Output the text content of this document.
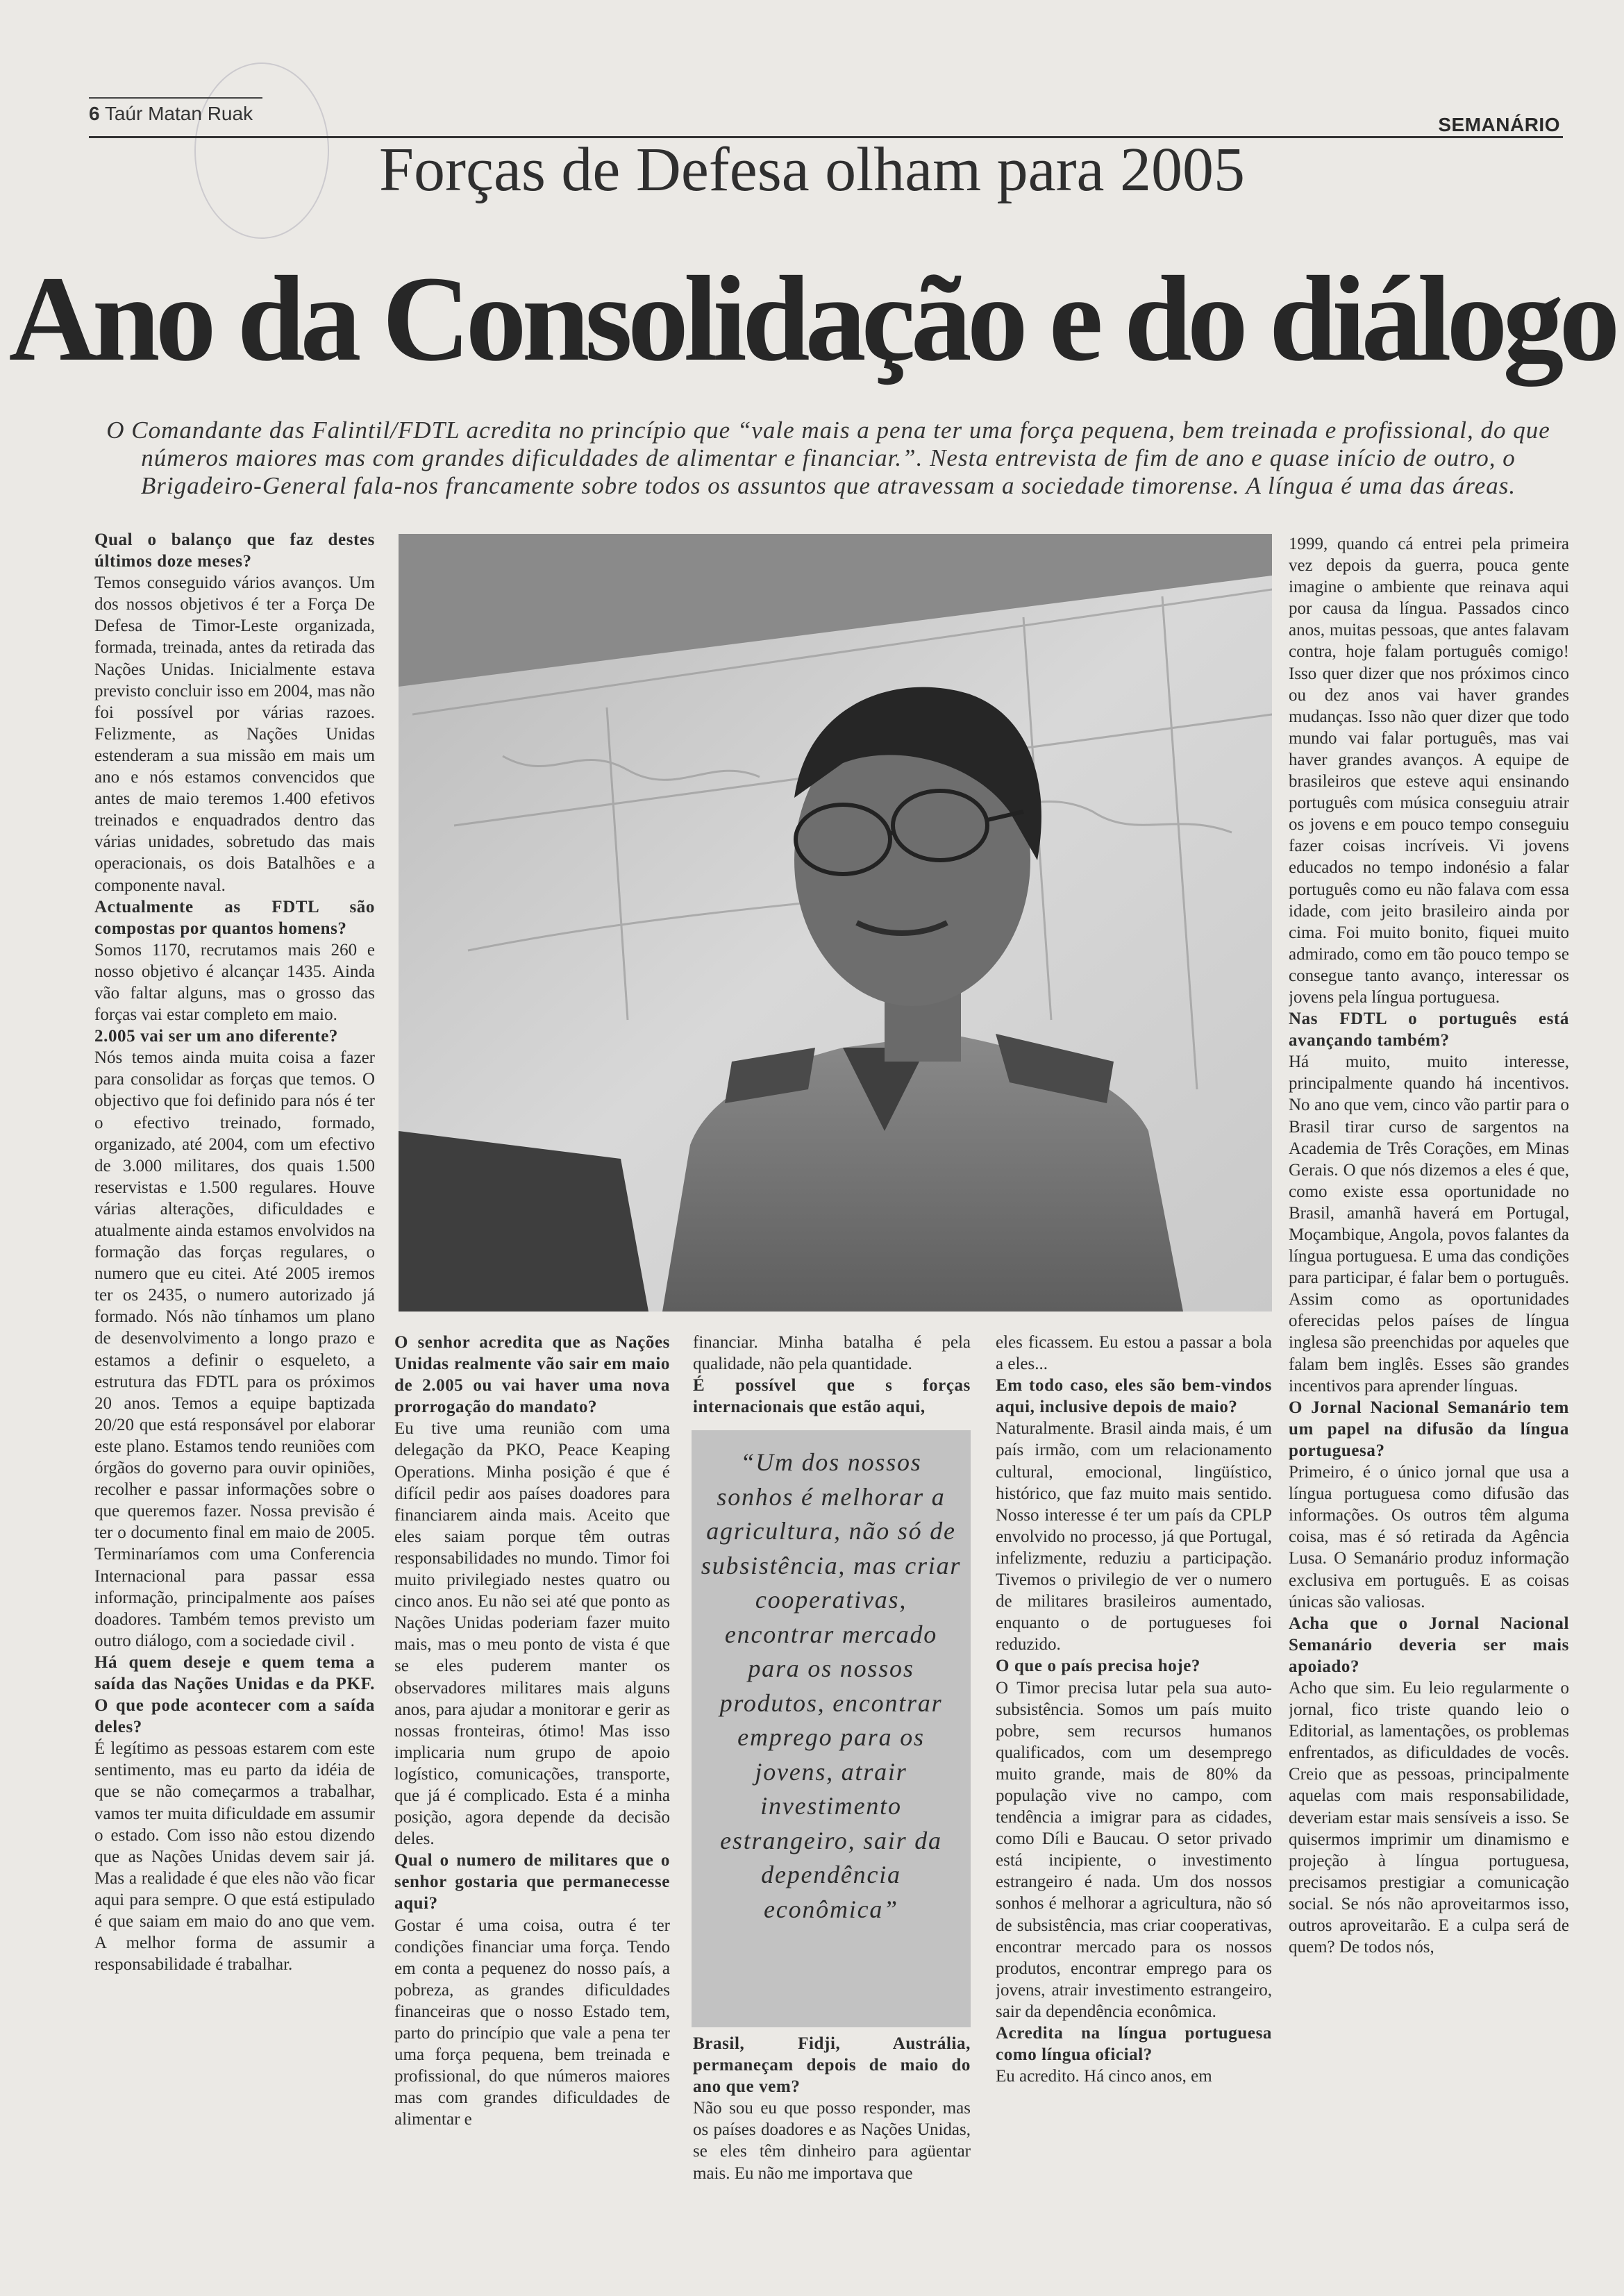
6 Taúr Matan Ruak
SEMANÁRIO
Forças de Defesa olham para 2005
Ano da Consolidação e do diálogo
O Comandante das Falintil/FDTL acredita no princípio que “vale mais a pena ter uma força pequena, bem treinada e profissional, do que números maiores mas com grandes dificuldades de alimentar e financiar.”. Nesta entrevista de fim de ano e quase início de outro, o Brigadeiro-General fala-nos francamente sobre todos os assuntos que atravessam a sociedade timorense. A língua é uma das áreas.

Qual o balanço que faz destes últimos doze meses?

Temos conseguido vários avanços. Um dos nossos objetivos é ter a Força De Defesa de Timor-Leste organizada, formada, treinada, antes da retirada das Nações Unidas. Inicialmente estava previsto concluir isso em 2004, mas não foi possível por várias razoes. Felizmente, as Nações Unidas estenderam a sua missão em mais um ano e nós estamos convencidos que antes de maio teremos 1.400 efetivos treinados e enquadrados dentro das várias unidades, sobretudo das mais operacionais, os dois Batalhões e a componente naval.

Actualmente as FDTL são compostas por quantos homens?

Somos 1170, recrutamos mais 260 e nosso objetivo é alcançar 1435. Ainda vão faltar alguns, mas o grosso das forças vai estar completo em maio.

2.005 vai ser um ano diferente?

Nós temos ainda muita coisa a fazer para consolidar as forças que temos. O objectivo que foi definido para nós é ter o efectivo treinado, formado, organizado, até 2004, com um efectivo de 3.000 militares, dos quais 1.500 reservistas e 1.500 regulares. Houve várias alterações, dificuldades e atualmente ainda estamos envolvidos na formação das forças regulares, o numero que eu citei. Até 2005 iremos ter os 2435, o numero autorizado já formado. Nós não tínhamos um plano de desenvolvimento a longo prazo e estamos a definir o esqueleto, a estrutura das FDTL para os próximos 20 anos. Temos a equipe baptizada 20/20 que está responsável por elaborar este plano. Estamos tendo reuniões com órgãos do governo para ouvir opiniões, recolher e passar informações sobre o que queremos fazer. Nossa previsão é ter o documento final em maio de 2005. Terminaríamos com uma Conferencia Internacional para passar essa informação, principalmente aos países doadores. Também temos previsto um outro diálogo, com a sociedade civil .

Há quem deseje e quem tema a saída das Nações Unidas e da PKF. O que pode acontecer com a saída deles?

É legítimo as pessoas estarem com este sentimento, mas eu parto da idéia de que se não começarmos a trabalhar, vamos ter muita dificuldade em assumir o estado. Com isso não estou dizendo que as Nações Unidas devem sair já. Mas a realidade é que eles não vão ficar aqui para sempre. O que está estipulado é que saiam em maio do ano que vem. A melhor forma de assumir a responsabilidade é trabalhar.

O senhor acredita que as Nações Unidas realmente vão sair em maio de 2.005 ou vai haver uma nova prorrogação do mandato?

Eu tive uma reunião com uma delegação da PKO, Peace Keaping Operations. Minha posição é que é difícil pedir aos países doadores para financiarem ainda mais. Aceito que eles saiam porque têm outras responsabilidades no mundo. Timor foi muito privilegiado nestes quatro ou cinco anos. Eu não sei até que ponto as Nações Unidas poderiam fazer muito mais, mas o meu ponto de vista é que se eles puderem manter os observadores militares mais alguns anos, para ajudar a monitorar e gerir as nossas fronteiras, ótimo! Mas isso implicaria num grupo de apoio logístico, comunicações, transporte, que já é complicado. Esta é a minha posição, agora depende da decisão deles.

Qual o numero de militares que o senhor gostaria que permanecesse aqui?

Gostar é uma coisa, outra é ter condições financiar uma força. Tendo em conta a pequenez do nosso país, a pobreza, as grandes dificuldades financeiras que o nosso Estado tem, parto do princípio que vale a pena ter uma força pequena, bem treinada e profissional, do que números maiores mas com grandes dificuldades de alimentar e

financiar. Minha batalha é pela qualidade, não pela quantidade.

É possível que s forças internacionais que estão aqui,

Brasil, Fidji, Austrália, permaneçam depois de maio do ano que vem?

Não sou eu que posso responder, mas os países doadores e as Nações Unidas, se eles têm dinheiro para agüentar mais. Eu não me importava que

“Um dos nossos sonhos é melhorar a agricultura, não só de subsistência, mas criar cooperativas, encontrar mercado para os nossos produtos, encontrar emprego para os jovens, atrair investimento estrangeiro, sair da dependência econômica”

eles ficassem. Eu estou a passar a bola a eles...

Em todo caso, eles são bem-vindos aqui, inclusive depois de maio?

Naturalmente. Brasil ainda mais, é um país irmão, com um relacionamento cultural, emocional, lingüístico, histórico, que faz muito mais sentido. Nosso interesse é ter um país da CPLP envolvido no processo, já que Portugal, infelizmente, reduziu a participação. Tivemos o privilegio de ver o numero de militares brasileiros aumentado, enquanto o de portugueses foi reduzido.

O que o país precisa hoje?

O Timor precisa lutar pela sua auto-subsistência. Somos um país muito pobre, sem recursos humanos qualificados, com um desemprego muito grande, mais de 80% da população vive no campo, com tendência a imigrar para as cidades, como Díli e Baucau. O setor privado está incipiente, o investimento estrangeiro é nada. Um dos nossos sonhos é melhorar a agricultura, não só de subsistência, mas criar cooperativas, encontrar mercado para os nossos produtos, encontrar emprego para os jovens, atrair investimento estrangeiro, sair da dependência econômica.

Acredita na língua portuguesa como língua oficial?

Eu acredito. Há cinco anos, em

1999, quando cá entrei pela primeira vez depois da guerra, pouca gente imagine o ambiente que reinava aqui por causa da língua. Passados cinco anos, muitas pessoas, que antes falavam contra, hoje falam português comigo! Isso quer dizer que nos próximos cinco ou dez anos vai haver grandes mudanças. Isso não quer dizer que todo mundo vai falar português, mas vai haver grandes avanços. A equipe de brasileiros que esteve aqui ensinando português com música conseguiu atrair os jovens e em pouco tempo conseguiu fazer coisas incríveis. Vi jovens educados no tempo indonésio a falar português como eu não falava com essa idade, com jeito brasileiro ainda por cima. Foi muito bonito, fiquei muito admirado, como em tão pouco tempo se consegue tanto avanço, interessar os jovens pela língua portuguesa.

Nas FDTL o português está avançando também?

Há muito, muito interesse, principalmente quando há incentivos. No ano que vem, cinco vão partir para o Brasil tirar curso de sargentos na Academia de Três Corações, em Minas Gerais. O que nós dizemos a eles é que, como existe essa oportunidade no Brasil, amanhã haverá em Portugal, Moçambique, Angola, povos falantes da língua portuguesa. E uma das condições para participar, é falar bem o português. Assim como as oportunidades oferecidas pelos países de língua inglesa são preenchidas por aqueles que falam bem inglês. Esses são grandes incentivos para aprender línguas.

O Jornal Nacional Semanário tem um papel na difusão da língua portuguesa?

Primeiro, é o único jornal que usa a língua portuguesa como difusão das informações. Os outros têm alguma coisa, mas é só retirada da Agência Lusa. O Semanário produz informação exclusiva em português. E as coisas únicas são valiosas.

Acha que o Jornal Nacional Semanário deveria ser mais apoiado?

Acho que sim. Eu leio regularmente o jornal, fico triste quando leio o Editorial, as lamentações, os problemas enfrentados, as dificuldades de vocês. Creio que as pessoas, principalmente aquelas com mais responsabilidade, deveriam estar mais sensíveis a isso. Se quisermos imprimir um dinamismo e projeção à língua portuguesa, precisamos prestigiar a comunicação social. Se nós não aproveitarmos isso, outros aproveitarão. E a culpa será de quem? De todos nós,
